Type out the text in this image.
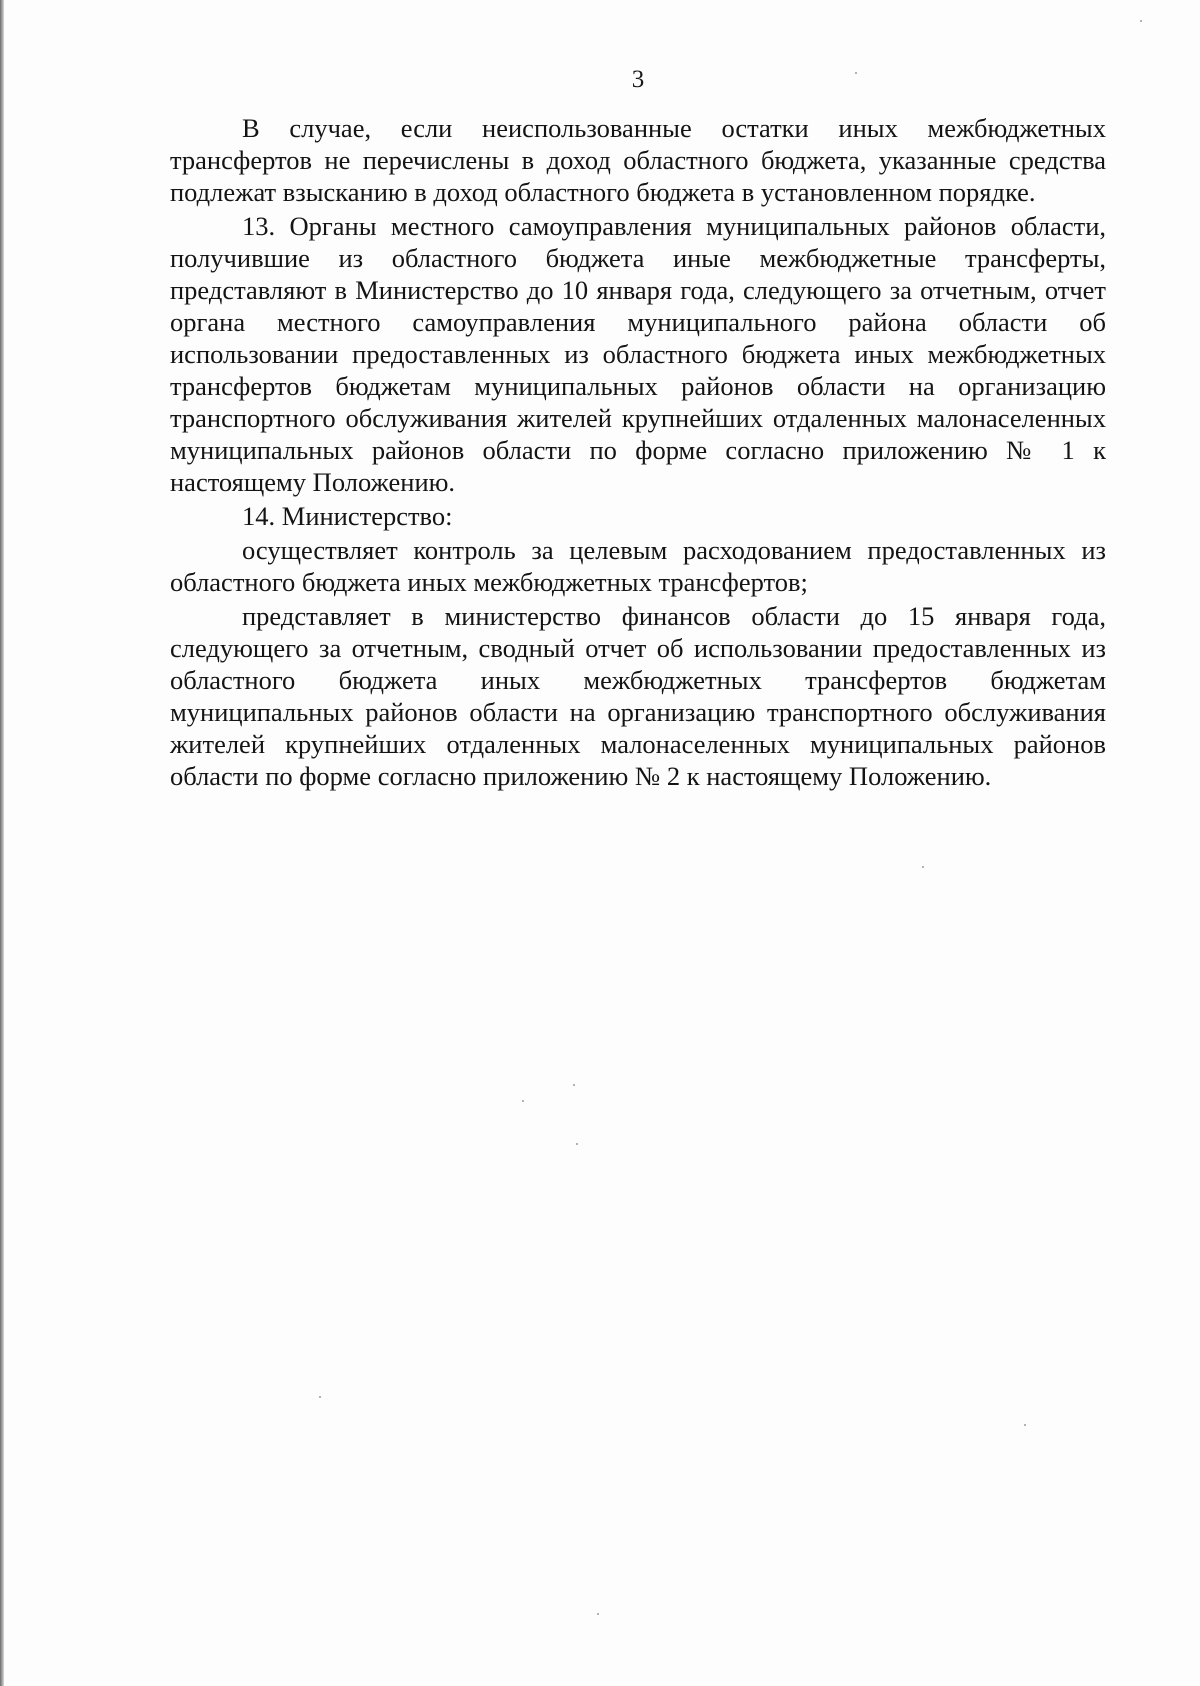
3

В случае, если неиспользованные остатки иных межбюджетных трансфертов не перечислены в доход областного бюджета, указанные средства подлежат взысканию в доход областного бюджета в установленном порядке.

13. Органы местного самоуправления муниципальных районов области, получившие из областного бюджета иные межбюджетные трансферты, представляют в Министерство до 10 января года, следующего за отчетным, отчет органа местного самоуправления муниципального района области об использовании предоставленных из областного бюджета иных межбюджетных трансфертов бюджетам муниципальных районов области на организацию транспортного обслуживания жителей крупнейших отдаленных малонаселенных муниципальных районов области по форме согласно приложению № 1 к настоящему Положению.

14. Министерство:

осуществляет контроль за целевым расходованием предоставленных из областного бюджета иных межбюджетных трансфертов;

представляет в министерство финансов области до 15 января года, следующего за отчетным, сводный отчет об использовании предоставленных из областного бюджета иных межбюджетных трансфертов бюджетам муниципальных районов области на организацию транспортного обслуживания жителей крупнейших отдаленных малонаселенных муниципальных районов области по форме согласно приложению № 2 к настоящему Положению.
